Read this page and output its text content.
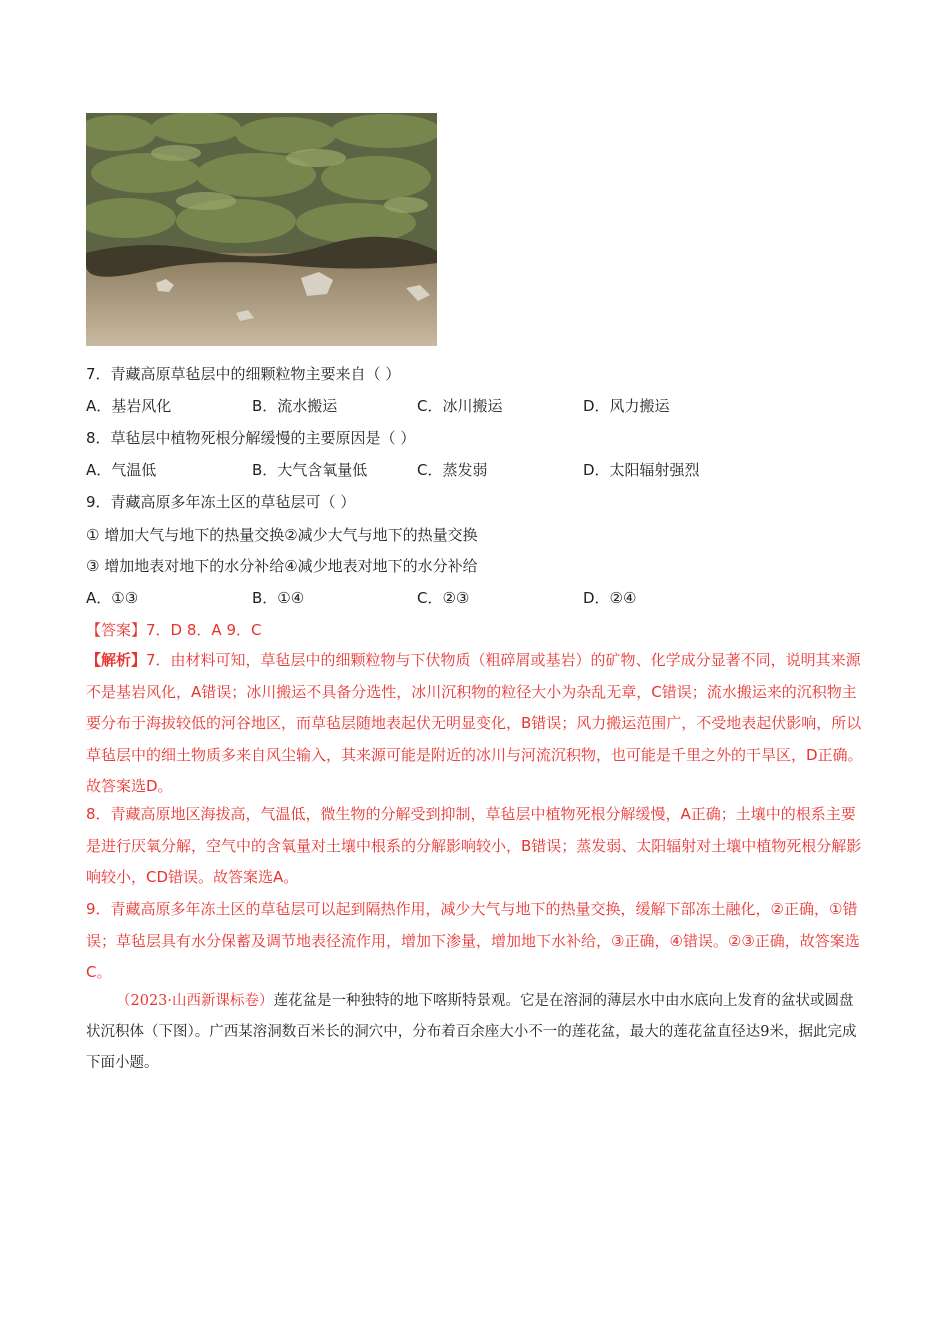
7．青藏高原草毡层中的细颗粒物主要来自（ ）
A．基岩风化	B．流水搬运	C．冰川搬运	D．风力搬运
8．草毡层中植物死根分解缓慢的主要原因是（ ）
A．气温低	B．大气含氧量低	C．蒸发弱	D．太阳辐射强烈
9．青藏高原多年冻土区的草毡层可（ ）
① 增加大气与地下的热量交换②减少大气与地下的热量交换
③ 增加地表对地下的水分补给④减少地表对地下的水分补给
A．①③	B．①④	C．②③	D．②④
【答案】7．D 8．A 9．C
【解析】7．由材料可知，草毡层中的细颗粒物与下伏物质（粗碎屑或基岩）的矿物、化学成分显著不同，说明其来源不是基岩风化，A错误；冰川搬运不具备分选性，冰川沉积物的粒径大小为杂乱无章，C错误；流水搬运来的沉积物主要分布于海拔较低的河谷地区，而草毡层随地表起伏无明显变化，B错误；风力搬运范围广，不受地表起伏影响，所以草毡层中的细土物质多来自风尘输入，其来源可能是附近的冰川与河流沉积物，也可能是千里之外的干旱区，D正确。故答案选D。
8．青藏高原地区海拔高，气温低，微生物的分解受到抑制，草毡层中植物死根分解缓慢，A正确；土壤中的根系主要是进行厌氧分解，空气中的含氧量对土壤中根系的分解影响较小，B错误；蒸发弱、太阳辐射对土壤中植物死根分解影响较小，CD错误。故答案选A。
9．青藏高原多年冻土区的草毡层可以起到隔热作用，减少大气与地下的热量交换，缓解下部冻土融化，②正确，①错误；草毡层具有水分保蓄及调节地表径流作用，增加下渗量，增加地下水补给，③正确，④错误。②③正确，故答案选C。
（2023·山西新课标卷）莲花盆是一种独特的地下喀斯特景观。它是在溶洞的薄层水中由水底向上发育的盆状或圆盘状沉积体（下图）。广西某溶洞数百米长的洞穴中，分布着百余座大小不一的莲花盆，最大的莲花盆直径达9米，据此完成下面小题。
